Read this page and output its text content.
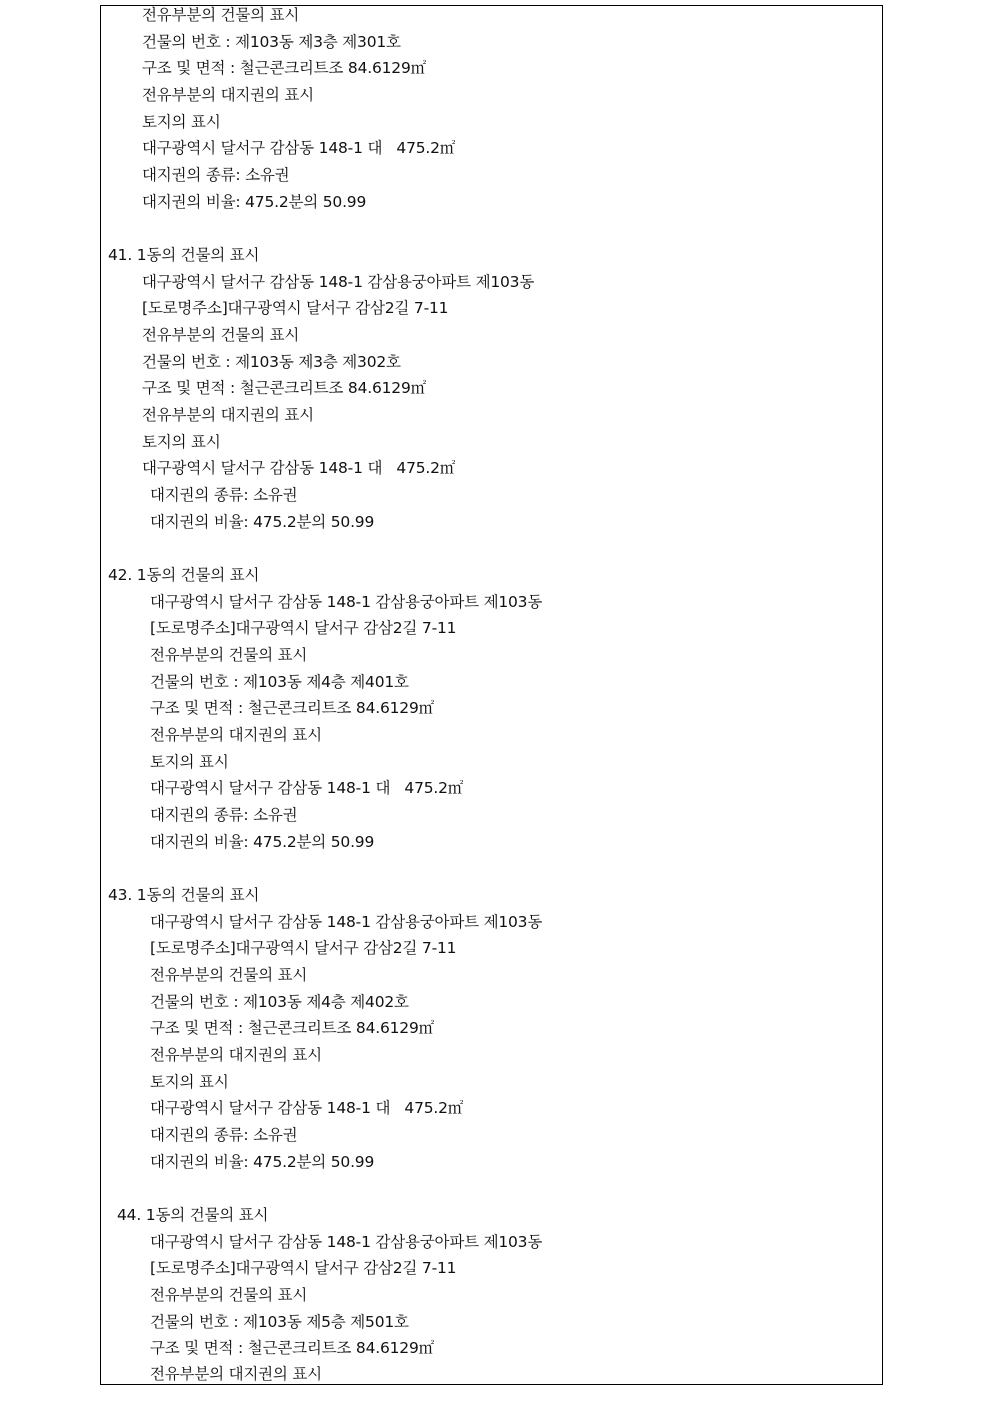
전유부분의 건물의 표시
건물의 번호 : 제103동 제3층 제301호
구조 및 면적 : 철근콘크리트조 84.6129㎡
전유부분의 대지권의 표시
토지의 표시
대구광역시 달서구 감삼동 148-1 대   475.2㎡
대지권의 종류: 소유권
대지권의 비율: 475.2분의 50.99
41. 1동의 건물의 표시
대구광역시 달서구 감삼동 148-1 감삼용궁아파트 제103동
[도로명주소]대구광역시 달서구 감삼2길 7-11
전유부분의 건물의 표시
건물의 번호 : 제103동 제3층 제302호
구조 및 면적 : 철근콘크리트조 84.6129㎡
전유부분의 대지권의 표시
토지의 표시
대구광역시 달서구 감삼동 148-1 대   475.2㎡
대지권의 종류: 소유권
대지권의 비율: 475.2분의 50.99
42. 1동의 건물의 표시
대구광역시 달서구 감삼동 148-1 감삼용궁아파트 제103동
[도로명주소]대구광역시 달서구 감삼2길 7-11
전유부분의 건물의 표시
건물의 번호 : 제103동 제4층 제401호
구조 및 면적 : 철근콘크리트조 84.6129㎡
전유부분의 대지권의 표시
토지의 표시
대구광역시 달서구 감삼동 148-1 대   475.2㎡
대지권의 종류: 소유권
대지권의 비율: 475.2분의 50.99
43. 1동의 건물의 표시
대구광역시 달서구 감삼동 148-1 감삼용궁아파트 제103동
[도로명주소]대구광역시 달서구 감삼2길 7-11
전유부분의 건물의 표시
건물의 번호 : 제103동 제4층 제402호
구조 및 면적 : 철근콘크리트조 84.6129㎡
전유부분의 대지권의 표시
토지의 표시
대구광역시 달서구 감삼동 148-1 대   475.2㎡
대지권의 종류: 소유권
대지권의 비율: 475.2분의 50.99
44. 1동의 건물의 표시
대구광역시 달서구 감삼동 148-1 감삼용궁아파트 제103동
[도로명주소]대구광역시 달서구 감삼2길 7-11
전유부분의 건물의 표시
건물의 번호 : 제103동 제5층 제501호
구조 및 면적 : 철근콘크리트조 84.6129㎡
전유부분의 대지권의 표시
